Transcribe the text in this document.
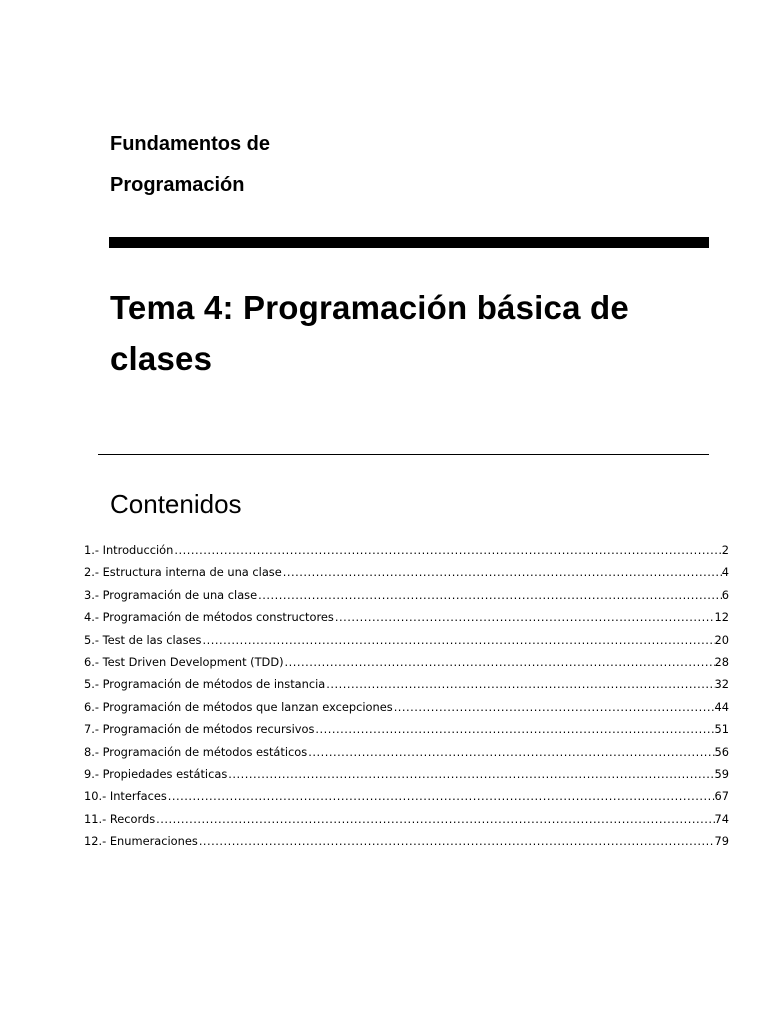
Fundamentos de
Programación
Tema 4: Programación básica de
clases
Contenidos
1.- Introducción .....	2
2.- Estructura interna de una clase .....	4
3.- Programación de una clase .....	6
4.- Programación de métodos constructores .....	12
5.- Test de las clases .....	20
6.- Test Driven Development (TDD) .....	28
5.- Programación de métodos de instancia .....	32
6.- Programación de métodos que lanzan excepciones .....	44
7.- Programación de métodos recursivos .....	51
8.- Programación de métodos estáticos .....	56
9.- Propiedades estáticas .....	59
10.- Interfaces .....	67
11.- Records .....	74
12.- Enumeraciones .....	79
